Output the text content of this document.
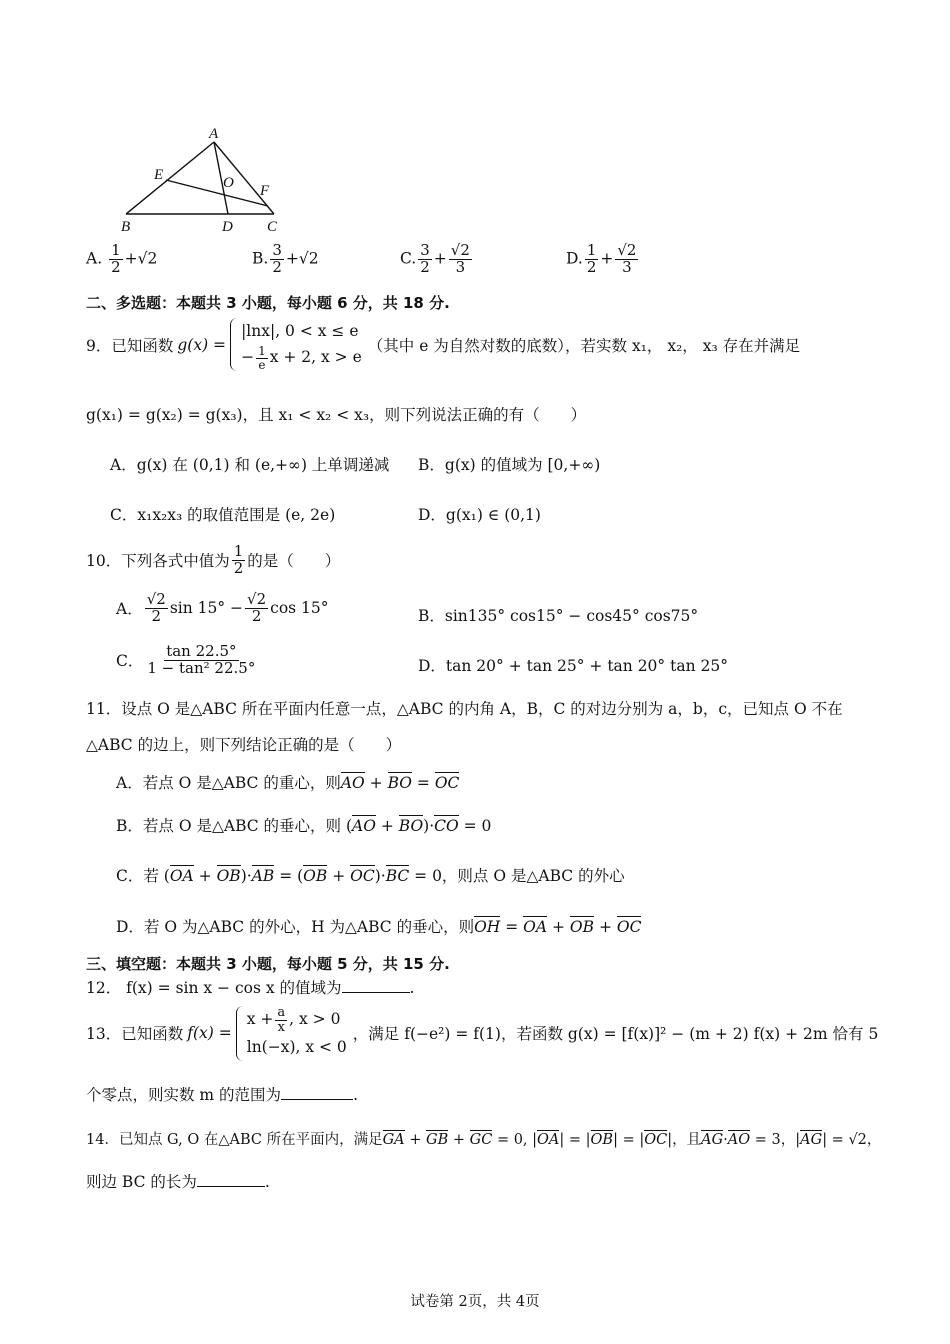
A
B	C
D
E
F
O
A. $\frac{1}{2} +√2$	B. $\frac{3}{2} +√2$	C. $\frac{3}{2} + \frac{√2}{3}$	D. $\frac{1}{2} + \frac{√2}{3}$
二、多选题：本题共 3 小题，每小题 6 分，共 18 分.
9．已知函数 g(x) =
|lnx|, 0 < x ≤ e
− $\frac{1}{e}$ x + 2, x > e
（其中 e 为自然对数的底数），若实数 x₁， x₂， x₃ 存在并满足
g(x₁) = g(x₂) = g(x₃)，且 x₁ < x₂ < x₃，则下列说法正确的有（　　）
A．g(x) 在 (0,1) 和 (e,+∞) 上单调递减 B．g(x) 的值域为 [0,+∞)
C．x₁x₂x₃ 的取值范围是 (e, 2e)	D．g(x₁) ∈ (0,1)
10．下列各式中值为 $\frac{1}{2}$ 的是（　　）
A． $\frac{√2}{2}$ $\sin 15^\circ - \frac{√2}{2}$ cos 15°	B．sin135° cos15° − cos45° cos75°
C． $\frac{\tan 22.5^\circ}{\text{1 − tan² 22.5°}}$	D．tan 20° + tan 25° + tan 20° tan 25°
11．设点 O 是△ABC 所在平面内任意一点，△ABC 的内角 A，B，C 的对边分别为 a，b，c，已知点 O 不在
△ABC 的边上，则下列结论正确的是（　　）
A．若点 O 是△ABC 的重心，则AO + BO = OC
B．若点 O 是△ABC 的垂心，则 (AO + BO)·CO = 0
C．若 (OA + OB)·AB = (OB + OC)·BC = 0，则点 O 是△ABC 的外心
D．若 O 为△ABC 的外心，H 为△ABC 的垂心，则OH = OA + OB + OC
三、填空题：本题共 3 小题，每小题 5 分，共 15 分.
12． f(x) = sin x − cos x 的值域为	.
13．已知函数 f(x) =
$x + \frac{a}{x}$ , x > 0
ln(−x), x < 0
，满足 f(−e²) = f(1)，若函数 g(x) = [f(x)]² − (m + 2) f(x) + 2m 恰有 5
个零点，则实数 m 的范围为	.
14．已知点 G, O 在△ABC 所在平面内，满足GA + GB + GC = 0, |OA| = |OB| = |OC|，且AG·AO = 3，|AG| = √2，
则边 BC 的长为	.
试卷第 2页，共 4页
